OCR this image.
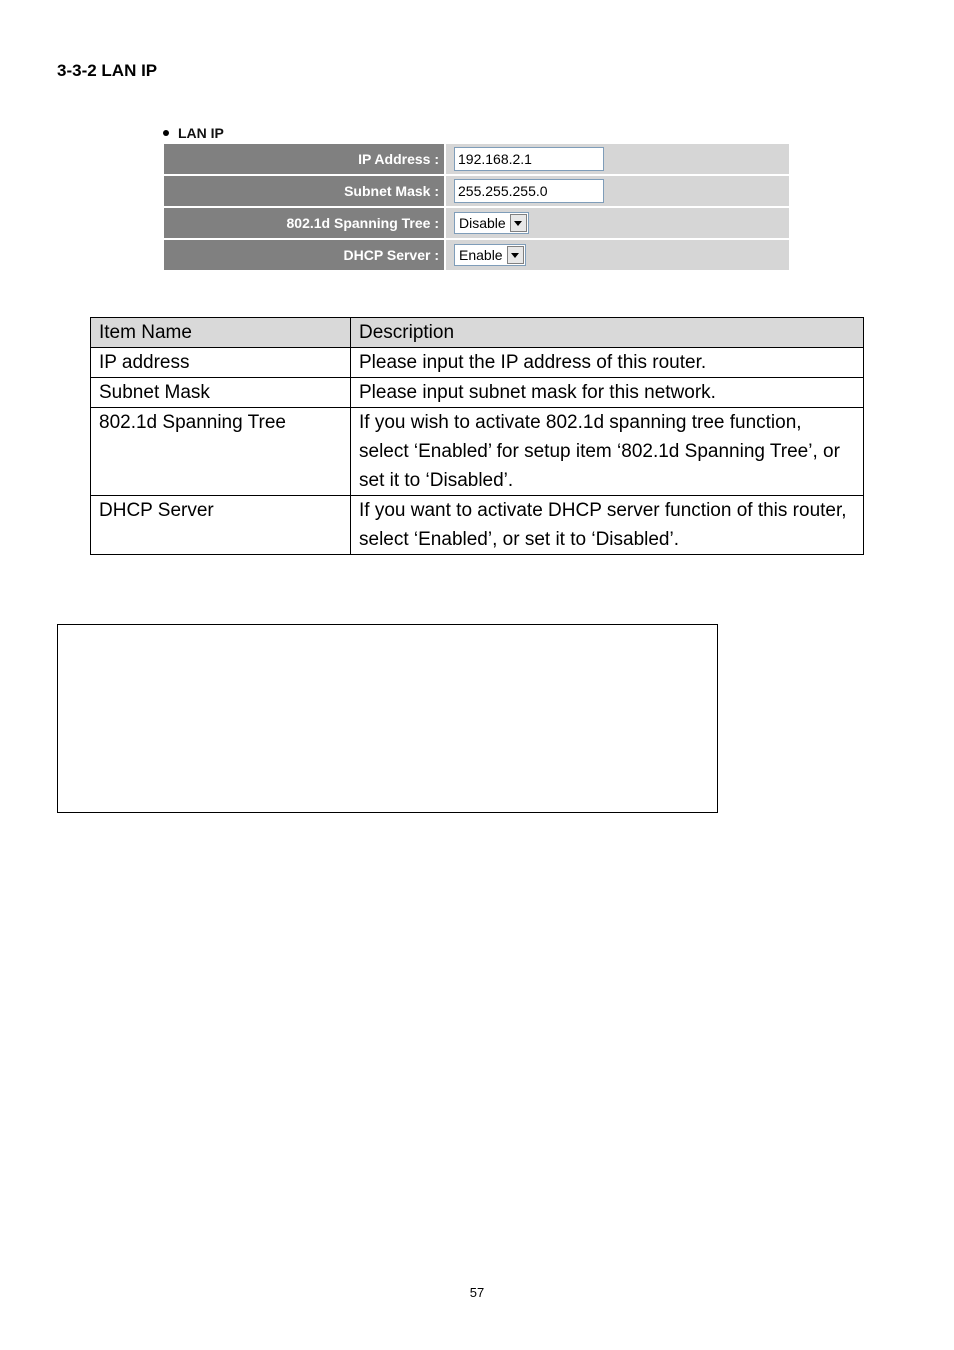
3-3-2 LAN IP
LAN IP
IP Address :	192.168.2.1

Subnet Mask :	255.255.255.0

802.1d Spanning Tree :	Disable

DHCP Server :	Enable
Item Name	Description
IP address	Please input the IP address of this router.
Subnet Mask	Please input subnet mask for this network.
802.1d Spanning Tree	If you wish to activate 802.1d spanning tree function, select ‘Enabled’ for setup item ‘802.1d Spanning Tree’, or set it to ‘Disabled’.
DHCP Server	If you want to activate DHCP server function of this router, select ‘Enabled’, or set it to ‘Disabled’.
57
